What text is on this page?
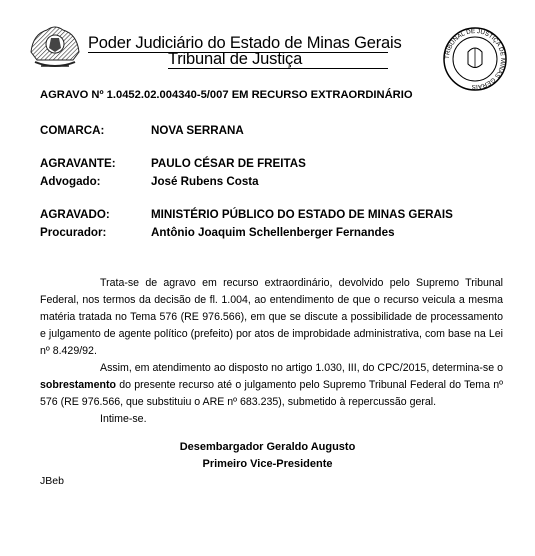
Poder Judiciário do Estado de Minas Gerais
Tribunal de Justiça	TRIBUNAL DE JUSTIÇA DE MINAS GERAIS
AGRAVO Nº 1.0452.02.004340-5/007 EM RECURSO EXTRAORDINÁRIO
COMARCA:	NOVA SERRANA
AGRAVANTE:	PAULO CÉSAR DE FREITAS
Advogado:	José Rubens Costa
AGRAVADO:	MINISTÉRIO PÚBLICO DO ESTADO DE MINAS GERAIS
Procurador:	Antônio Joaquim Schellenberger Fernandes

Trata-se de agravo em recurso extraordinário, devolvido pelo Supremo Tribunal Federal, nos termos da decisão de fl. 1.004, ao entendimento de que o recurso veicula a mesma matéria tratada no Tema 576 (RE 976.566), em que se discute a possibilidade de processamento e julgamento de agente político (prefeito) por atos de improbidade administrativa, com base na Lei nº 8.429/92.

Assim, em atendimento ao disposto no artigo 1.030, III, do CPC/2015, determina-se o sobrestamento do presente recurso até o julgamento pelo Supremo Tribunal Federal do Tema nº 576 (RE 976.566, que substituiu o ARE nº 683.235), submetido à repercussão geral.

Intime-se.

Desembargador Geraldo Augusto
Primeiro Vice-Presidente
JBeb
